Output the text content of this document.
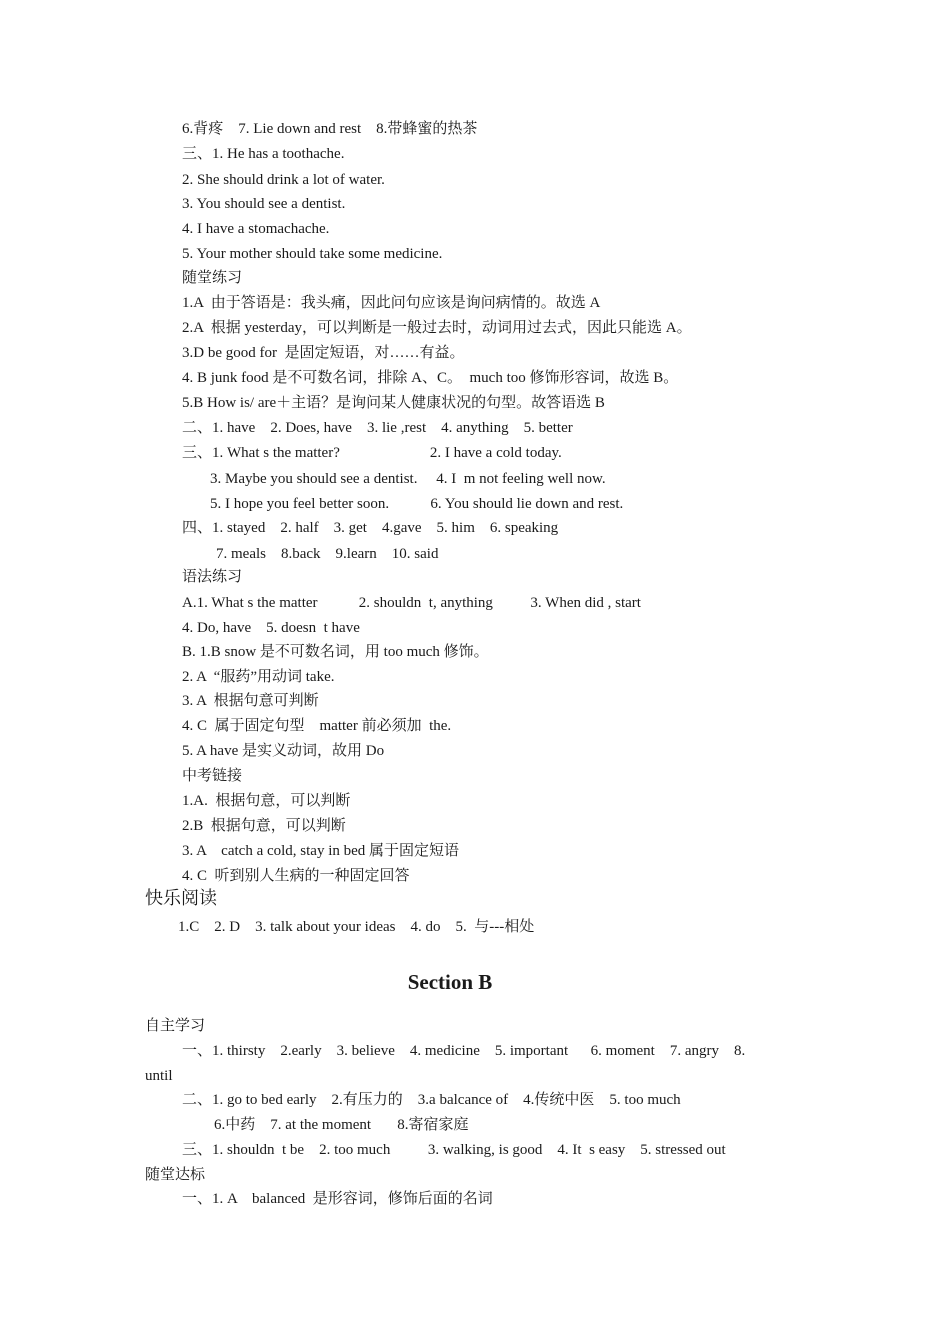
6.背疼    7. Lie down and rest    8.带蜂蜜的热茶
三、1. He has a toothache.
2. She should drink a lot of water.
3. You should see a dentist.
4. I have a stomachache.
5. Your mother should take some medicine.
随堂练习
1.A  由于答语是：我头痛，因此问句应该是询问病情的。故选 A
2.A  根据 yesterday，可以判断是一般过去时，动词用过去式，因此只能选 A。
3.D be good for  是固定短语，对……有益。
4. B junk food 是不可数名词，排除 A、C。  much too 修饰形容词，故选 B。
5.B How is/ are＋主语？是询问某人健康状况的句型。故答语选 B
二、1. have    2. Does, have    3. lie ,rest    4. anything    5. better
三、1. What s the matter?                        2. I have a cold today.
3. Maybe you should see a dentist.     4. I  m not feeling well now.
5. I hope you feel better soon.           6. You should lie down and rest.
四、1. stayed    2. half    3. get    4.gave    5. him    6. speaking
7. meals    8.back    9.learn    10. said
语法练习
A.1. What s the matter           2. shouldn  t, anything          3. When did , start
4. Do, have    5. doesn  t have
B. 1.B snow 是不可数名词，用 too much 修饰。
2. A  “服药”用动词 take.
3. A  根据句意可判断
4. C  属于固定句型    matter 前必须加  the.
5. A have 是实义动词，故用 Do
中考链接
1.A.  根据句意，可以判断
2.B  根据句意，可以判断
3. A    catch a cold, stay in bed 属于固定短语
4. C  听到别人生病的一种固定回答
快乐阅读
1.C    2. D    3. talk about your ideas    4. do    5.  与---相处
Section B
自主学习
一、1. thirsty    2.early    3. believe    4. medicine    5. important      6. moment    7. angry    8.
until
二、1. go to bed early    2.有压力的    3.a balcance of    4.传统中医    5. too much
6.中药    7. at the moment       8.寄宿家庭
三、1. shouldn  t be    2. too much          3. walking, is good    4. It  s easy    5. stressed out
随堂达标
一、1. A    balanced  是形容词，修饰后面的名词
